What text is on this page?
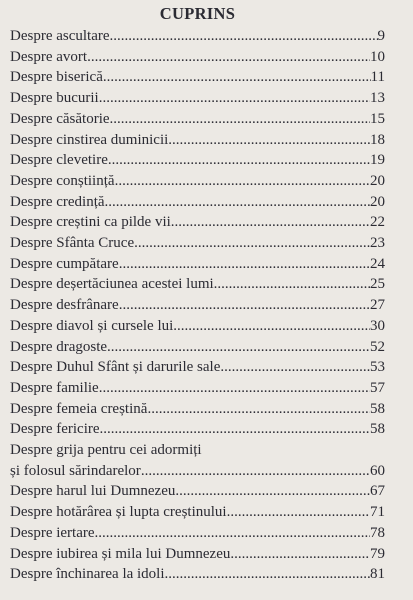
CUPRINS
Despre ascultare .....	9
Despre avort .....	10
Despre biserică .....	11
Despre bucurii .....	13
Despre căsătorie .....	15
Despre cinstirea duminicii .....	18
Despre clevetire .....	19
Despre conștiință .....	20
Despre credință .....	20
Despre creștini ca pilde vii .....	22
Despre Sfânta Cruce .....	23
Despre cumpătare .....	24
Despre deșertăciunea acestei lumi .....	25
Despre desfrânare .....	27
Despre diavol și cursele lui .....	30
Despre dragoste .....	52
Despre Duhul Sfânt și darurile sale .....	53
Despre familie .....	57
Despre femeia creștină .....	58
Despre fericire .....	58
Despre grija pentru cei adormiți
și folosul sărindarelor .....	60
Despre harul lui Dumnezeu .....	67
Despre hotărârea și lupta creștinului .....	71
Despre iertare .....	78
Despre iubirea și mila lui Dumnezeu .....	79
Despre închinarea la idoli .....	81
